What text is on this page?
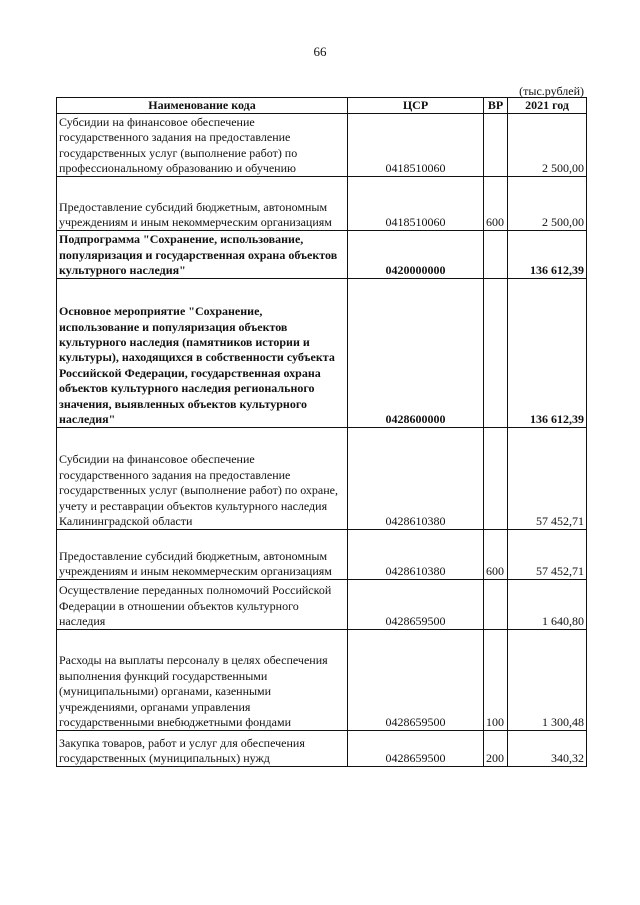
66
(тыс.рублей)
Наименование кода	ЦСР	ВР	2021 год
Субсидии на финансовое обеспечение государственного задания на предоставление государственных услуг (выполнение работ) по профессиональному образованию и обучению	0418510060		2 500,00
Предоставление субсидий бюджетным, автономным учреждениям и иным некоммерческим организациям	0418510060	600	2 500,00
Подпрограмма "Сохранение, использование, популяризация и государственная охрана объектов культурного наследия"	0420000000		136 612,39
Основное мероприятие "Сохранение, использование и популяризация объектов культурного наследия (памятников истории и культуры), находящихся в собственности субъекта Российской Федерации, государственная охрана объектов культурного наследия регионального значения, выявленных объектов культурного наследия"	0428600000		136 612,39
Субсидии на финансовое обеспечение государственного задания на предоставление государственных услуг (выполнение работ) по охране, учету и реставрации объектов культурного наследия Калининградской области	0428610380		57 452,71
Предоставление субсидий бюджетным, автономным учреждениям и иным некоммерческим организациям	0428610380	600	57 452,71
Осуществление переданных полномочий Российской Федерации в отношении объектов культурного наследия	0428659500		1 640,80
Расходы на выплаты персоналу в целях обеспечения выполнения функций государственными (муниципальными) органами, казенными учреждениями, органами управления государственными внебюджетными фондами	0428659500	100	1 300,48
Закупка товаров, работ и услуг для обеспечения государственных (муниципальных) нужд	0428659500	200	340,32
